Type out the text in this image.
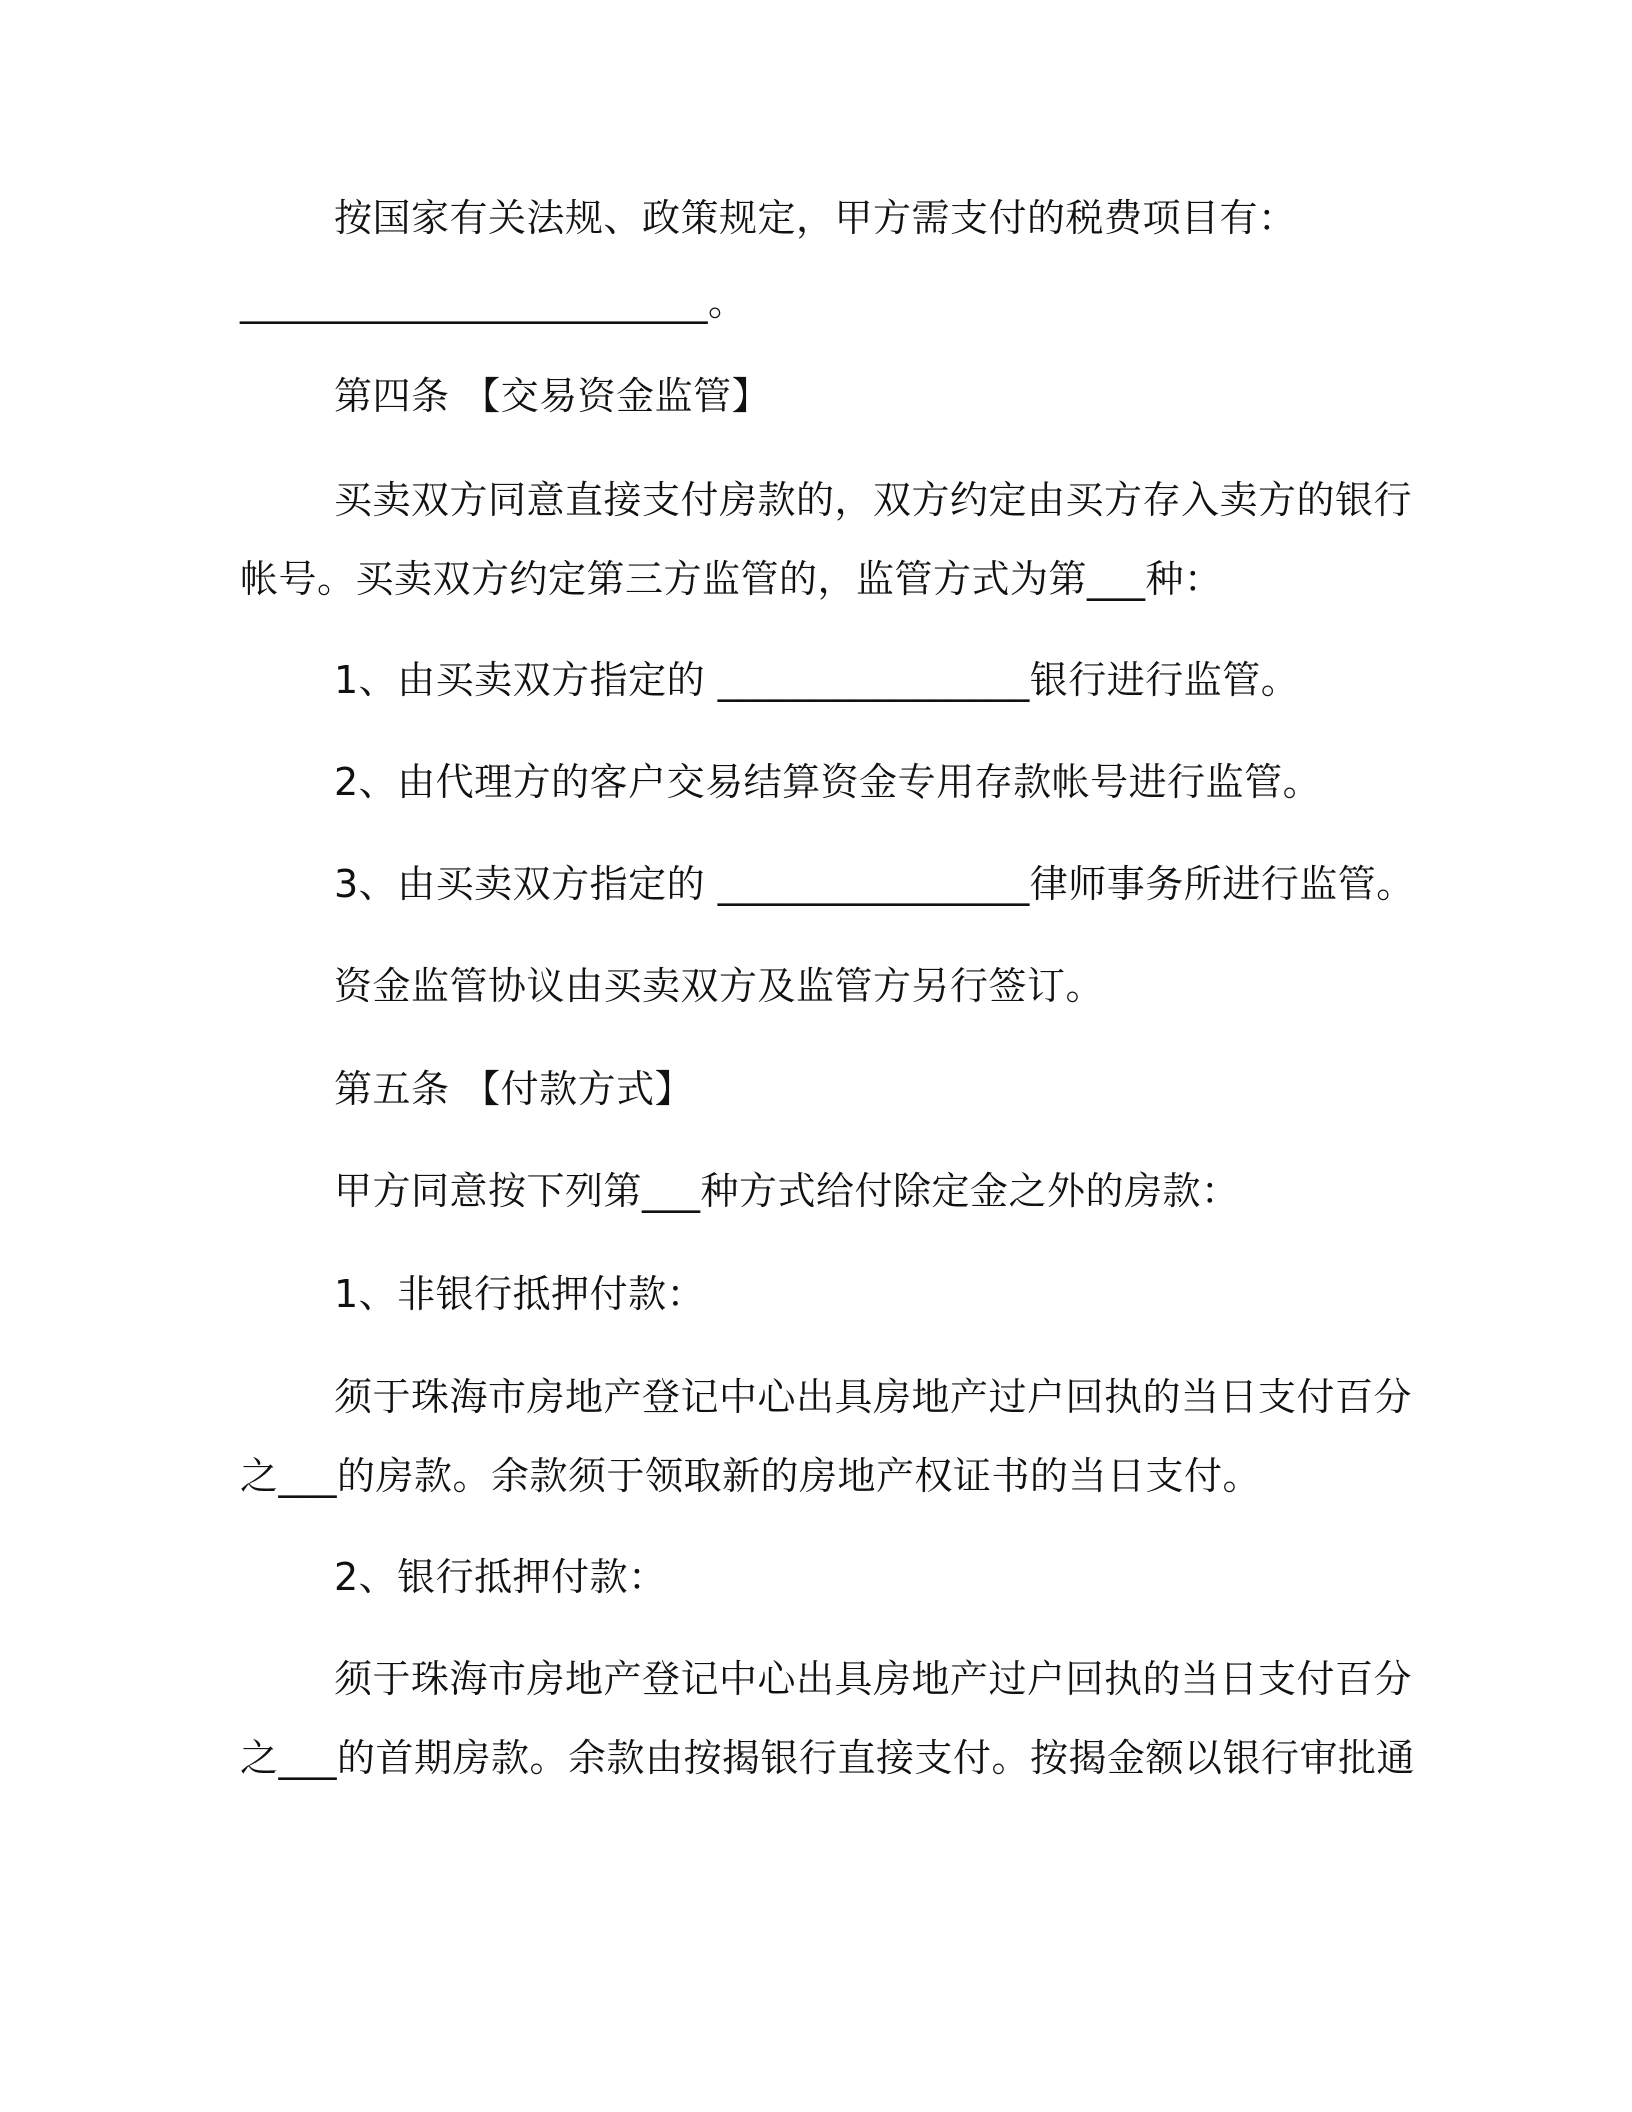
按国家有关法规、政策规定，甲方需支付的税费项目有：
________________________。
第四条 【交易资金监管】
买卖双方同意直接支付房款的，双方约定由买方存入卖方的银行
帐号。买卖双方约定第三方监管的，监管方式为第___种：
1、由买卖双方指定的 ________________银行进行监管。
2、由代理方的客户交易结算资金专用存款帐号进行监管。
3、由买卖双方指定的 ________________律师事务所进行监管。
资金监管协议由买卖双方及监管方另行签订。
第五条 【付款方式】
甲方同意按下列第___种方式给付除定金之外的房款：
1、非银行抵押付款：
须于珠海市房地产登记中心出具房地产过户回执的当日支付百分
之___的房款。余款须于领取新的房地产权证书的当日支付。
2、银行抵押付款：
须于珠海市房地产登记中心出具房地产过户回执的当日支付百分
之___的首期房款。余款由按揭银行直接支付。按揭金额以银行审批通
